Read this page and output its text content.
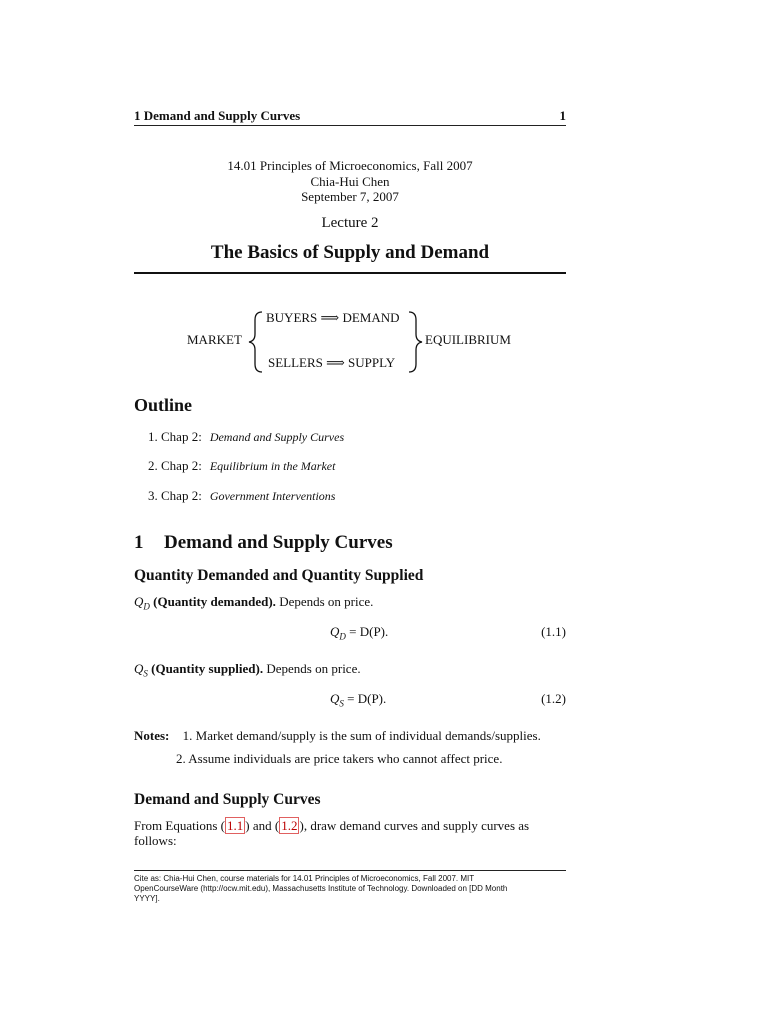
1 Demand and Supply Curves	1
14.01 Principles of Microeconomics, Fall 2007
Chia-Hui Chen
September 7, 2007
Lecture 2
The Basics of Supply and Demand
MARKET
BUYERS ⟹ DEMAND
SELLERS ⟹ SUPPLY
EQUILIBRIUM
Outline
1. Chap 2: Demand and Supply Curves
2. Chap 2: Equilibrium in the Market
3. Chap 2: Government Interventions
1 Demand and Supply Curves
Quantity Demanded and Quantity Supplied
$Q_D$ (Quantity demanded). Depends on price.
$Q_D = D(P)$.	(1.1)
$Q_S$ (Quantity supplied). Depends on price.
$Q_S = D(P)$.	(1.2)
Notes: 1. Market demand/supply is the sum of individual demands/supplies.
2. Assume individuals are price takers who cannot affect price.
Demand and Supply Curves
From Equations ( 1.1 ) and ( 1.2 ), draw demand curves and supply curves as
follows:
Cite as: Chia-Hui Chen, course materials for 14.01 Principles of Microeconomics, Fall 2007. MIT
OpenCourseWare (http://ocw.mit.edu), Massachusetts Institute of Technology. Downloaded on [DD Month
YYYY].
